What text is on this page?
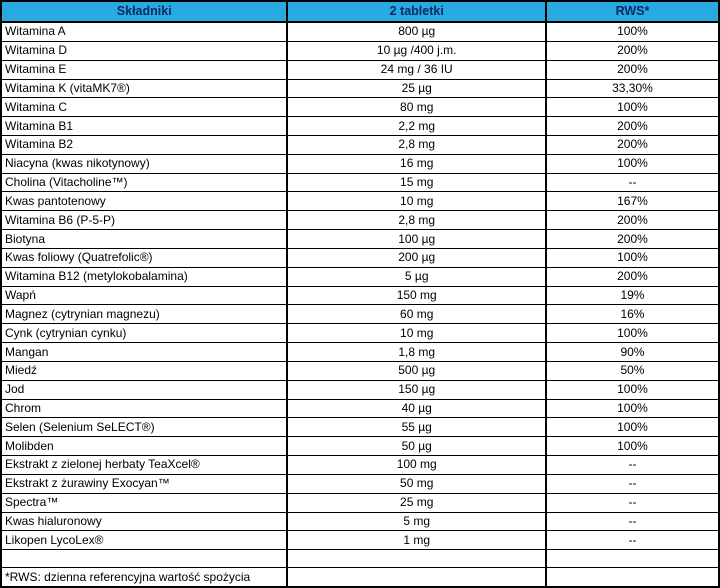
Składniki	2 tabletki	RWS*
Witamina A	800 µg	100%
Witamina D	10 µg /400 j.m.	200%
Witamina E	24 mg / 36 IU	200%
Witamina K (vitaMK7®)	25 µg	33,30%
Witamina C	80 mg	100%
Witamina B1	2,2 mg	200%
Witamina B2	2,8 mg	200%
Niacyna (kwas nikotynowy)	16 mg	100%
Cholina (Vitacholine™)	15 mg	--
Kwas pantotenowy	10 mg	167%
Witamina B6 (P-5-P)	2,8 mg	200%
Biotyna	100 µg	200%
Kwas foliowy (Quatrefolic®)	200 µg	100%
Witamina B12 (metylokobalamina)	5 µg	200%
Wapń	150 mg	19%
Magnez (cytrynian magnezu)	60 mg	16%
Cynk (cytrynian cynku)	10 mg	100%
Mangan	1,8 mg	90%
Miedź	500 µg	50%
Jod	150 µg	100%
Chrom	40 µg	100%
Selen (Selenium SeLECT®)	55 µg	100%
Molibden	50 µg	100%
Ekstrakt z zielonej herbaty TeaXcel®	100 mg	--
Ekstrakt z żurawiny Exocyan™	50 mg	--
Spectra™	25 mg	--
Kwas hialuronowy	5 mg	--
Likopen LycoLex®	1 mg	--

*RWS: dzienna referencyjna wartość spożycia		
